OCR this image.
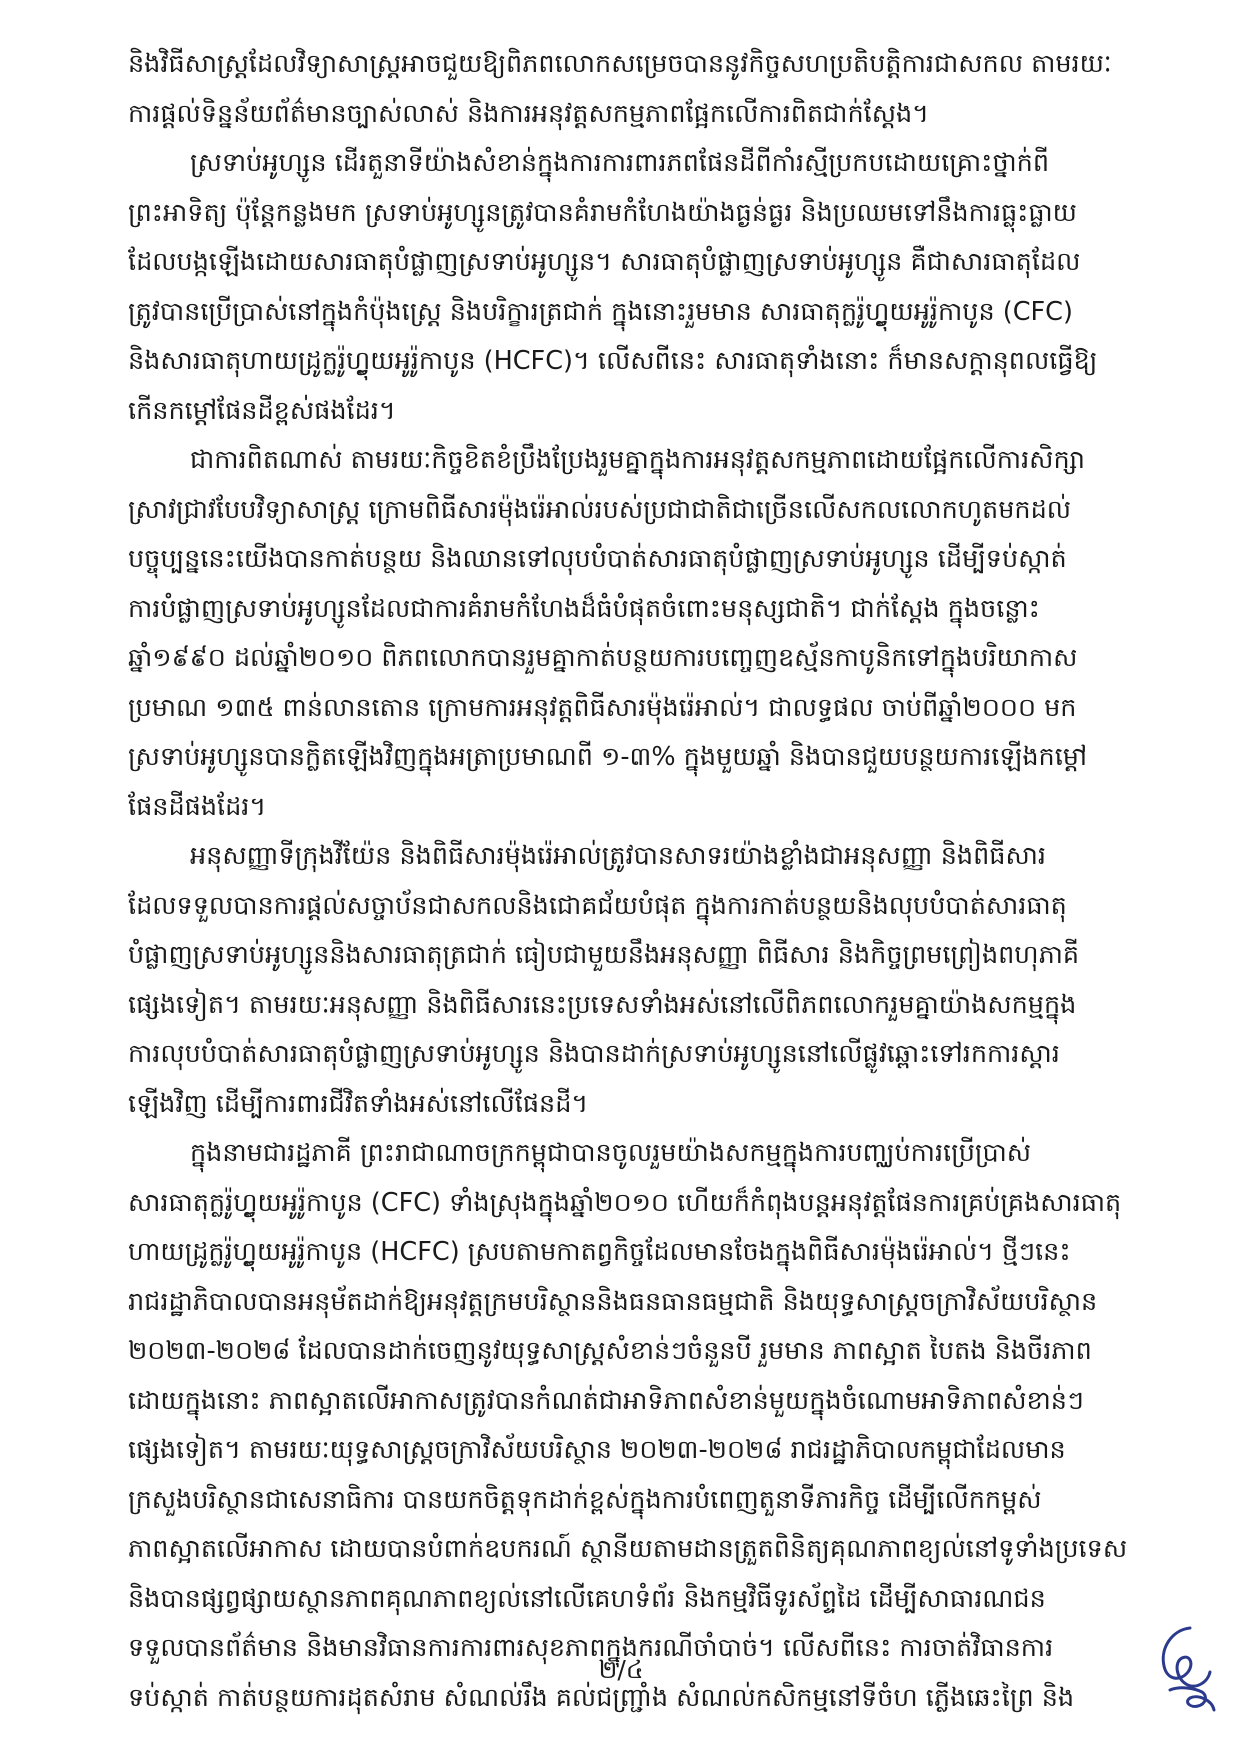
និងវិធីសាស្ត្រដែលវិទ្យាសាស្ត្រអាចជួយឱ្យពិភពលោកសម្រេចបាននូវកិច្ចសហប្រតិបត្តិការជាសកល តាមរយៈ
ការផ្តល់ទិន្នន័យព័ត៌មានច្បាស់លាស់ និងការអនុវត្តសកម្មភាពផ្អែកលើការពិតជាក់ស្តែង។

ស្រទាប់អូហ្សូន ដើរតួនាទីយ៉ាងសំខាន់ក្នុងការការពារភពផែនដីពីកាំរស្មីប្រកបដោយគ្រោះថ្នាក់ពី
ព្រះអាទិត្យ ប៉ុន្តែកន្លងមក ស្រទាប់អូហ្សូនត្រូវបានគំរាមកំហែងយ៉ាងធ្ងន់ធ្ងរ និងប្រឈមទៅនឹងការធ្លុះធ្លាយ
ដែលបង្កឡើងដោយសារធាតុបំផ្លាញស្រទាប់អូហ្សូន។ សារធាតុបំផ្លាញស្រទាប់អូហ្សូន គឺជាសារធាតុដែល
ត្រូវបានប្រើប្រាស់នៅក្នុងកំប៉ុងស្រ្តេ និងបរិក្ខារត្រជាក់ ក្នុងនោះរួមមាន សារធាតុក្លរ៉ូហ្វ្លុយអូរ៉ូកាបូន (CFC)
និងសារធាតុហាយដ្រូក្លរ៉ូហ្វ្លុយអូរ៉ូកាបូន (HCFC)។ លើសពីនេះ សារធាតុទាំងនោះ ក៏មានសក្តានុពលធ្វើឱ្យ
កើនកម្តៅផែនដីខ្ពស់ផងដែរ។

ជាការពិតណាស់ តាមរយៈកិច្ចខិតខំប្រឹងប្រែងរួមគ្នាក្នុងការអនុវត្តសកម្មភាពដោយផ្អែកលើការសិក្សា
ស្រាវជ្រាវបែបវិទ្យាសាស្ត្រ ក្រោមពិធីសារម៉ុងរ៉េអាល់របស់ប្រជាជាតិជាច្រើនលើសកលលោកហូតមកដល់
បច្ចុប្បន្ននេះយើងបានកាត់បន្ថយ និងឈានទៅលុបបំបាត់សារធាតុបំផ្លាញស្រទាប់អូហ្សូន ដើម្បីទប់ស្កាត់
ការបំផ្លាញស្រទាប់អូហ្សូនដែលជាការគំរាមកំហែងដ៏ធំបំផុតចំពោះមនុស្សជាតិ។ ជាក់ស្តែង ក្នុងចន្លោះ
ឆ្នាំ១៩៩០ ដល់ឆ្នាំ២០១០ ពិភពលោកបានរួមគ្នាកាត់បន្ថយការបញ្ចេញឧស្ម័នកាបូនិកទៅក្នុងបរិយាកាស
ប្រមាណ ១៣៥ ពាន់លានតោន ក្រោមការអនុវត្តពិធីសារម៉ុងរ៉េអាល់។ ជាលទ្ធផល ចាប់ពីឆ្នាំ២០០០ មក
ស្រទាប់អូហ្សូនបានក្លិតឡើងវិញក្នុងអត្រាប្រមាណពី ១-៣% ក្នុងមួយឆ្នាំ និងបានជួយបន្ថយការឡើងកម្តៅ
ផែនដីផងដែរ។

អនុសញ្ញាទីក្រុងវីយ៉ែន និងពិធីសារម៉ុងរ៉េអាល់ត្រូវបានសាទរយ៉ាងខ្លាំងជាអនុសញ្ញា និងពិធីសារ
ដែលទទួលបានការផ្តល់សច្ចាប័នជាសកលនិងជោគជ័យបំផុត ក្នុងការកាត់បន្ថយនិងលុបបំបាត់សារធាតុ
បំផ្លាញស្រទាប់អូហ្សូននិងសារធាតុត្រជាក់ ធៀបជាមួយនឹងអនុសញ្ញា ពិធីសារ និងកិច្ចព្រមព្រៀងពហុភាគី
ផ្សេងទៀត។ តាមរយៈអនុសញ្ញា និងពិធីសារនេះប្រទេសទាំងអស់នៅលើពិភពលោករួមគ្នាយ៉ាងសកម្មក្នុង
ការលុបបំបាត់សារធាតុបំផ្លាញស្រទាប់អូហ្សូន និងបានដាក់ស្រទាប់អូហ្សូននៅលើផ្លូវឆ្ពោះទៅរកការស្តារ
ឡើងវិញ ដើម្បីការពារជីវិតទាំងអស់នៅលើផែនដី។

ក្នុងនាមជារដ្ឋភាគី ព្រះរាជាណាចក្រកម្ពុជាបានចូលរួមយ៉ាងសកម្មក្នុងការបញ្ឈប់ការប្រើប្រាស់
សារធាតុក្លរ៉ូហ្វ្លុយអូរ៉ូកាបូន (CFC) ទាំងស្រុងក្នុងឆ្នាំ២០១០ ហើយក៏កំពុងបន្តអនុវត្តផែនការគ្រប់គ្រងសារធាតុ
ហាយដ្រូក្លរ៉ូហ្វ្លុយអូរ៉ូកាបូន (HCFC) ស្របតាមកាតព្វកិច្ចដែលមានចែងក្នុងពិធីសារម៉ុងរ៉េអាល់។ ថ្មីៗនេះ
រាជរដ្ឋាភិបាលបានអនុម័តដាក់ឱ្យអនុវត្តក្រមបរិស្ថាននិងធនធានធម្មជាតិ និងយុទ្ធសាស្ត្រចក្រាវិស័យបរិស្ថាន
២០២៣-២០២៨ ដែលបានដាក់ចេញនូវយុទ្ធសាស្ត្រសំខាន់ៗចំនួនបី រួមមាន ភាពស្អាត បៃតង និងចីរភាព
ដោយក្នុងនោះ ភាពស្អាតលើអាកាសត្រូវបានកំណត់ជាអាទិភាពសំខាន់មួយក្នុងចំណោមអាទិភាពសំខាន់ៗ
ផ្សេងទៀត។ តាមរយៈយុទ្ធសាស្ត្រចក្រាវិស័យបរិស្ថាន ២០២៣-២០២៨ រាជរដ្ឋាភិបាលកម្ពុជាដែលមាន
ក្រសួងបរិស្ថានជាសេនាធិការ បានយកចិត្តទុកដាក់ខ្ពស់ក្នុងការបំពេញតួនាទីភារកិច្ច ដើម្បីលើកកម្ពស់
ភាពស្អាតលើអាកាស ដោយបានបំពាក់ឧបករណ៍ ស្ថានីយតាមដានត្រួតពិនិត្យគុណភាពខ្យល់នៅទូទាំងប្រទេស
និងបានផ្សព្វផ្សាយស្ថានភាពគុណភាពខ្យល់នៅលើគេហទំព័រ និងកម្មវិធីទូរស័ព្ទដៃ ដើម្បីសាធារណជន
ទទួលបានព័ត៌មាន និងមានវិធានការការពារសុខភាពក្នុងករណីចាំបាច់។ លើសពីនេះ ការចាត់វិធានការ
ទប់ស្កាត់ កាត់បន្ថយការដុតសំរាម សំណល់រឹង គល់ជញ្ជ្រាំង សំណល់កសិកម្មនៅទីចំហ ភ្លើងឆេះព្រៃ និង

២/៤
